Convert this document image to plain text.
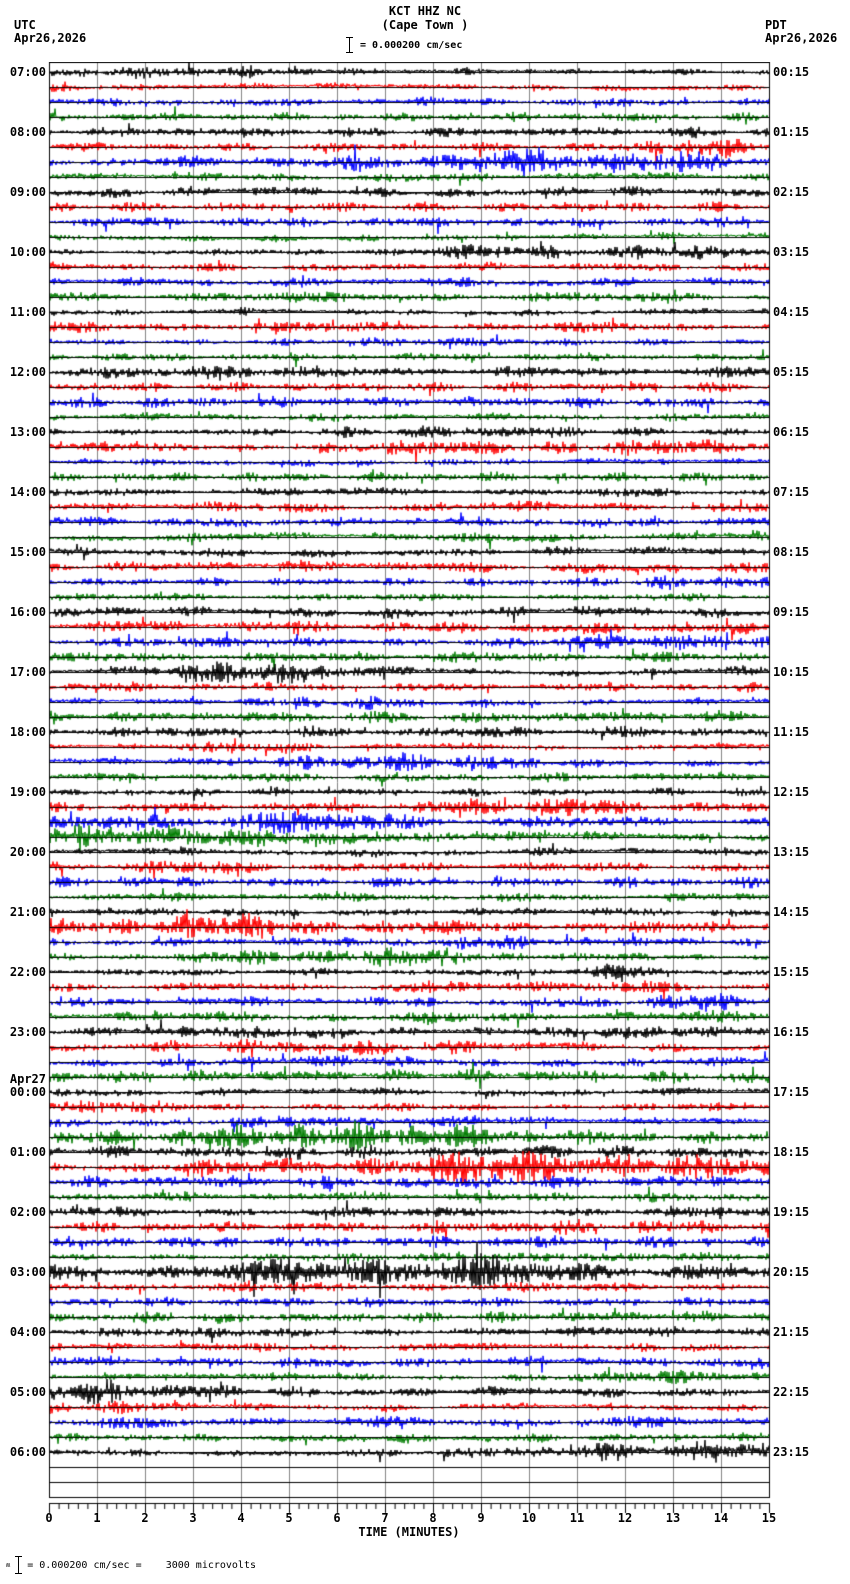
KCT HHZ NC
(Cape Town )
UTC
Apr26,2026
PDT
Apr26,2026
= 0.000200 cm/sec
07:00
08:00
09:00
10:00
11:00
12:00
13:00
14:00
15:00
16:00
17:00
18:00
19:00
20:00
21:00
22:00
23:00
Apr27
00:00
01:00
02:00
03:00
04:00
05:00
06:00
00:15
01:15
02:15
03:15
04:15
05:15
06:15
07:15
08:15
09:15
10:15
11:15
12:15
13:15
14:15
15:15
16:15
17:15
18:15
19:15
20:15
21:15
22:15
23:15
0	1	2	3	4	5	6	7	8	9	10	11	12	13	14	15
TIME (MINUTES)
ʍ = 0.000200 cm/sec =    3000 microvolts
